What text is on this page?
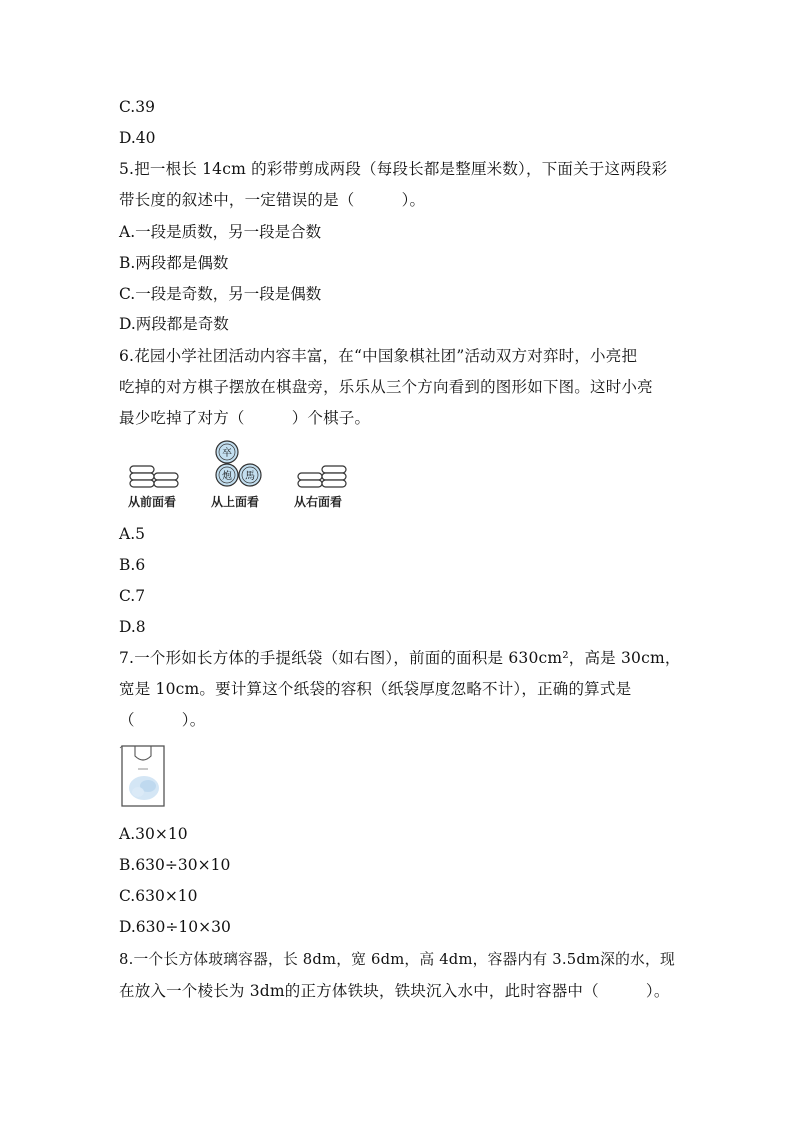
C.39
D.40
5.把一根长 14cm 的彩带剪成两段（每段长都是整厘米数），下面关于这两段彩
带长度的叙述中，一定错误的是（　　　）。
A.一段是质数，另一段是合数
B.两段都是偶数
C.一段是奇数，另一段是偶数
D.两段都是奇数
6.花园小学社团活动内容丰富，在“中国象棋社团”活动双方对弈时，小亮把
吃掉的对方棋子摆放在棋盘旁，乐乐从三个方向看到的图形如下图。这时小亮
最少吃掉了对方（　　　）个棋子。
从前面看
卒
炮 馬
从上面看	从右面看
A.5
B.6
C.7
D.8
7.一个形如长方体的手提纸袋（如右图），前面的面积是 630cm²，高是 30cm，
宽是 10cm。要计算这个纸袋的容积（纸袋厚度忽略不计），正确的算式是
（　　　）。
A.30×10
B.630÷30×10
C.630×10
D.630÷10×30
8.一个长方体玻璃容器，长 8dm，宽 6dm，高 4dm，容器内有 3.5dm深的水，现
在放入一个棱长为 3dm的正方体铁块，铁块沉入水中，此时容器中（　　　）。
